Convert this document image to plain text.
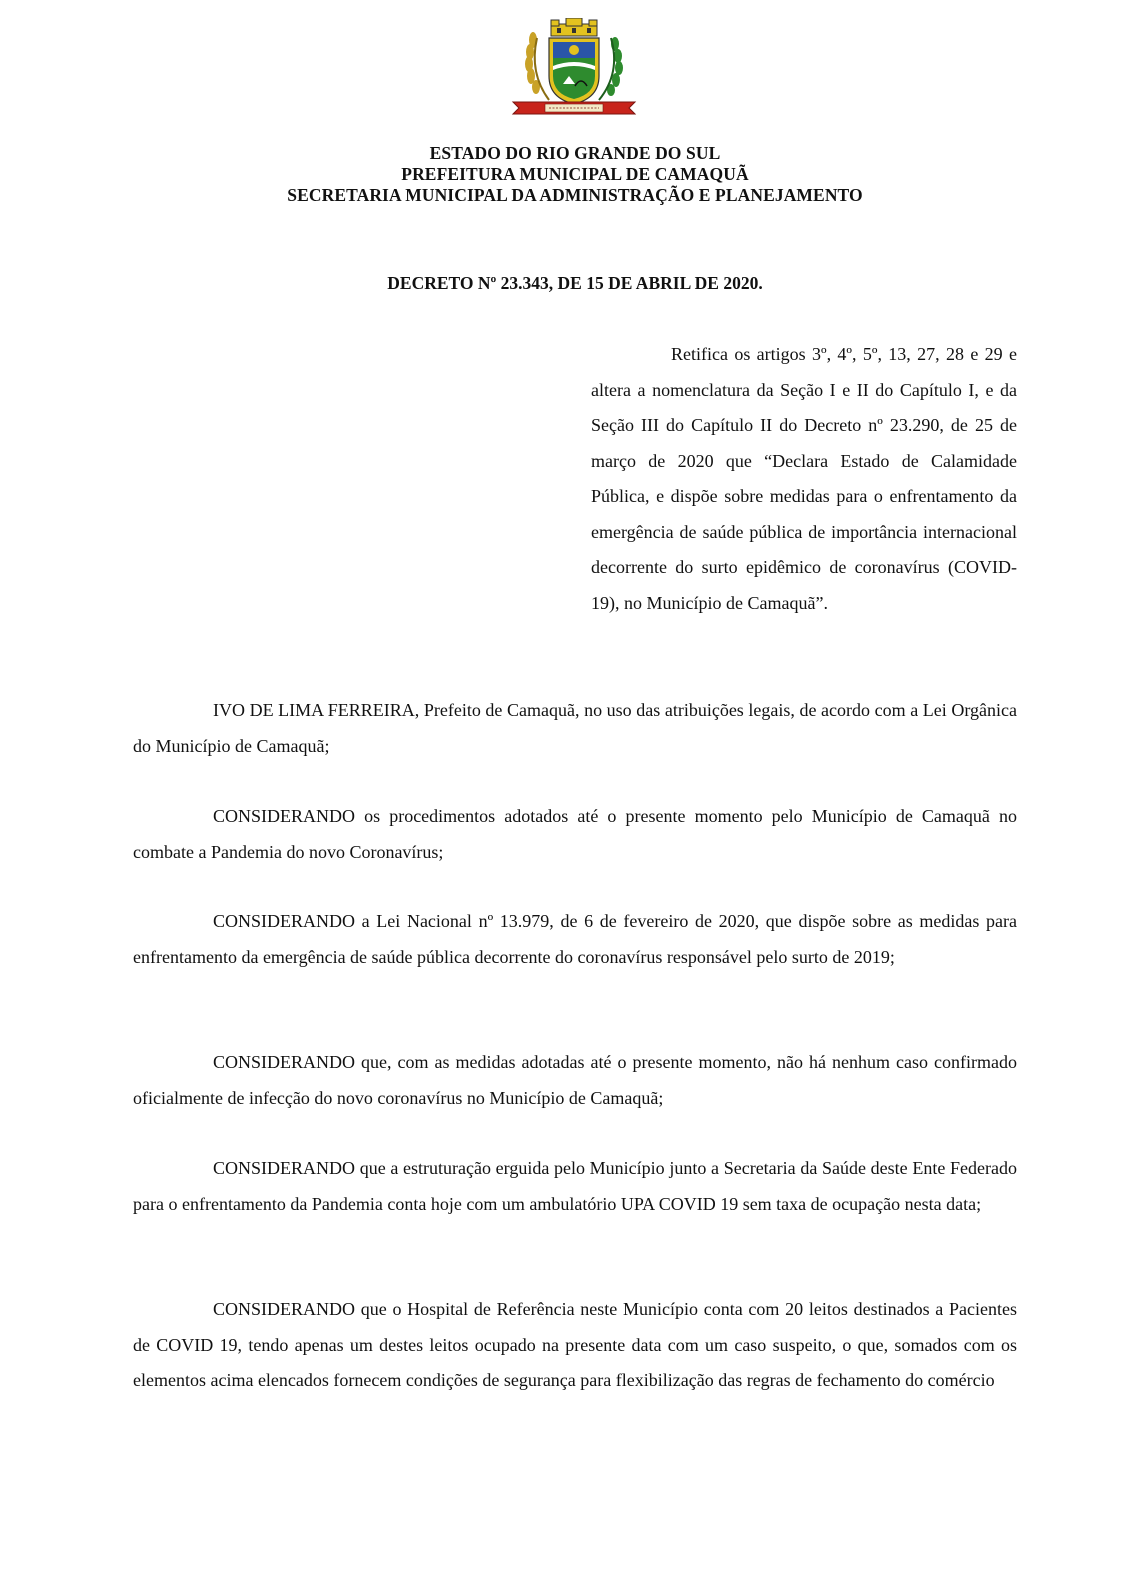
ESTADO DO RIO GRANDE DO SUL
PREFEITURA MUNICIPAL DE CAMAQUÃ
SECRETARIA MUNICIPAL DA ADMINISTRAÇÃO E PLANEJAMENTO
DECRETO Nº 23.343, DE 15 DE ABRIL DE 2020.

Retifica os artigos 3º, 4º, 5º, 13, 27, 28 e 29 e altera a nomenclatura da Seção I e II do Capítulo I, e da Seção III do Capítulo II do Decreto nº 23.290, de 25 de março de 2020 que “Declara Estado de Calamidade Pública, e dispõe sobre medidas para o enfrentamento da emergência de saúde pública de importância internacional decorrente do surto epidêmico de coronavírus (COVID-19), no Município de Camaquã”.

IVO DE LIMA FERREIRA, Prefeito de Camaquã, no uso das atribuições legais, de acordo com a Lei Orgânica do Município de Camaquã;

CONSIDERANDO os procedimentos adotados até o presente momento pelo Município de Camaquã no combate a Pandemia do novo Coronavírus;

CONSIDERANDO a Lei Nacional nº 13.979, de 6 de fevereiro de 2020, que dispõe sobre as medidas para enfrentamento da emergência de saúde pública decorrente do coronavírus responsável pelo surto de 2019;

CONSIDERANDO que, com as medidas adotadas até o presente momento, não há nenhum caso confirmado oficialmente de infecção do novo coronavírus no Município de Camaquã;

CONSIDERANDO que a estruturação erguida pelo Município junto a Secretaria da Saúde deste Ente Federado para o enfrentamento da Pandemia conta hoje com um ambulatório UPA COVID 19 sem taxa de ocupação nesta data;

CONSIDERANDO que o Hospital de Referência neste Município conta com 20 leitos destinados a Pacientes de COVID 19, tendo apenas um destes leitos ocupado na presente data com um caso suspeito, o que, somados com os elementos acima elencados fornecem condições de segurança para flexibilização das regras de fechamento do comércio
